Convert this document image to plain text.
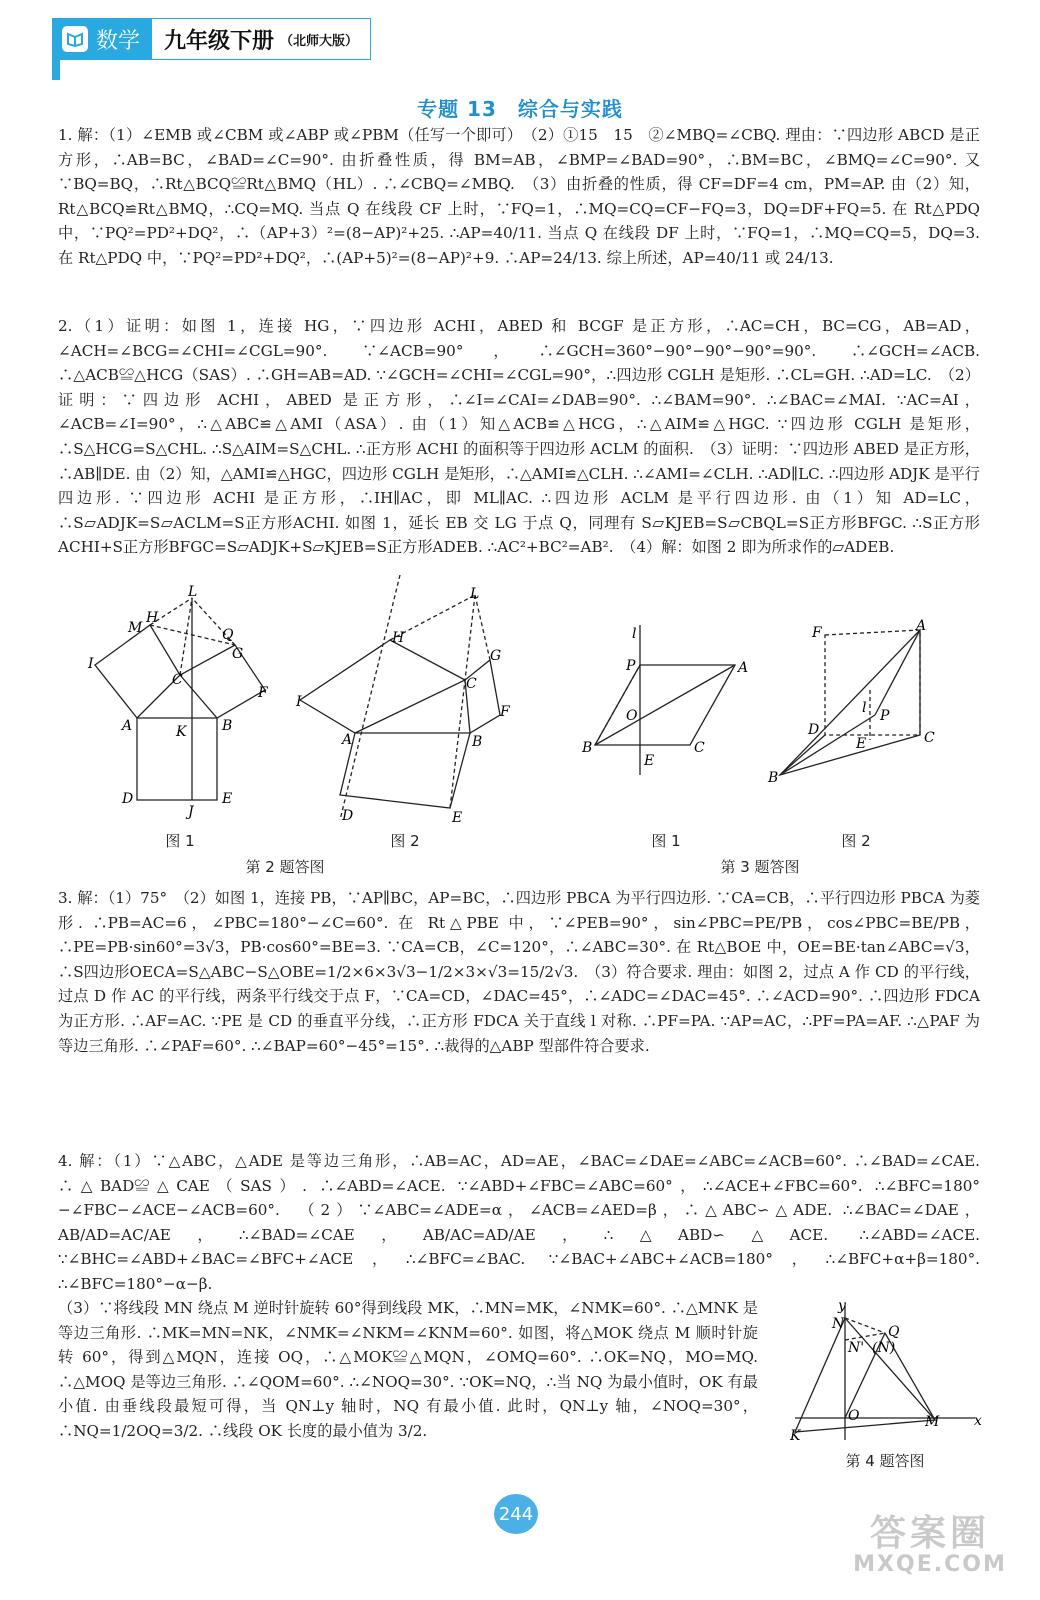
数学 九年级下册 （北师大版）
专题 13　综合与实践
1. 解：（1）∠EMB 或∠CBM 或∠ABP 或∠PBM（任写一个即可）　（2）①15　15　②∠MBQ=∠CBQ. 理由：∵四边形 ABCD 是正方形，∴AB=BC，∠BAD=∠C=90°. 由折叠性质，得 BM=AB，∠BMP=∠BAD=90°，∴BM=BC，∠BMQ=∠C=90°. 又∵BQ=BQ，∴Rt△BCQ≌Rt△BMQ（HL）. ∴∠CBQ=∠MBQ.　（3）由折叠的性质，得 CF=DF=4 cm，PM=AP. 由（2）知，Rt△BCQ≌Rt△BMQ，∴CQ=MQ. 当点 Q 在线段 CF 上时，∵FQ=1，∴MQ=CQ=CF−FQ=3，DQ=DF+FQ=5. 在 Rt△PDQ 中，∵PQ²=PD²+DQ²，∴（AP+3）²=(8−AP)²+25. ∴AP=40/11. 当点 Q 在线段 DF 上时，∵FQ=1，∴MQ=CQ=5，DQ=3. 在 Rt△PDQ 中，∵PQ²=PD²+DQ²，∴(AP+5)²=(8−AP)²+9. ∴AP=24/13. 综上所述，AP=40/11 或 24/13.
2.（1）证明：如图 1，连接 HG，∵四边形 ACHI，ABED 和 BCGF 是正方形，∴AC=CH，BC=CG，AB=AD，∠ACH=∠BCG=∠CHI=∠CGL=90°. ∵∠ACB=90°，∴∠GCH=360°−90°−90°−90°=90°. ∴∠GCH=∠ACB. ∴△ACB≌△HCG（SAS）. ∴GH=AB=AD. ∵∠GCH=∠CHI=∠CGL=90°，∴四边形 CGLH 是矩形. ∴CL=GH. ∴AD=LC.　（2）证明：∵四边形 ACHI，ABED 是正方形，∴∠I=∠CAI=∠DAB=90°. ∴∠BAM=90°. ∴∠BAC=∠MAI. ∵AC=AI，∠ACB=∠I=90°，∴△ABC≌△AMI（ASA）. 由（1）知△ACB≌△HCG，∴△AIM≌△HGC. ∵四边形 CGLH 是矩形，∴S△HCG=S△CHL. ∴S△AIM=S△CHL. ∴正方形 ACHI 的面积等于四边形 ACLM 的面积.　（3）证明：∵四边形 ABED 是正方形，∴AB∥DE. 由（2）知，△AMI≌△HGC，四边形 CGLH 是矩形，∴△AMI≌△CLH. ∴∠AMI=∠CLH. ∴AD∥LC. ∴四边形 ADJK 是平行四边形. ∵四边形 ACHI 是正方形，∴IH∥AC，即 ML∥AC. ∴四边形 ACLM 是平行四边形. 由（1）知 AD=LC，∴S▱ADJK=S▱ACLM=S正方形ACHI. 如图 1，延长 EB 交 LG 于点 Q，同理有 S▱KJEB=S▱CBQL=S正方形BFGC. ∴S正方形ACHI+S正方形BFGC=S▱ADJK+S▱KJEB=S正方形ADEB. ∴AC²+BC²=AB².　（4）解：如图 2 即为所求作的▱ADEB.
L
H
M	Q
G
I
C
F
A	B
K
D	E
J
图 1
L
H
G
C
I
F
A	B
D	E
图 2
第 2 题答图
l
P	A
O
B	C
E
图 1
F	A
l P
D
E	C
B
图 2
第 3 题答图
3. 解：（1）75°　（2）如图 1，连接 PB，∵AP∥BC，AP=BC，∴四边形 PBCA 为平行四边形. ∵CA=CB，∴平行四边形 PBCA 为菱形. ∴PB=AC=6，∠PBC=180°−∠C=60°. 在 Rt△PBE 中，∵∠PEB=90°，sin∠PBC=PE/PB，cos∠PBC=BE/PB，∴PE=PB·sin60°=3√3，PB·cos60°=BE=3. ∵CA=CB，∠C=120°，∴∠ABC=30°. 在 Rt△BOE 中，OE=BE·tan∠ABC=√3，∴S四边形OECA=S△ABC−S△OBE=1/2×6×3√3−1/2×3×√3=15/2√3.　（3）符合要求. 理由：如图 2，过点 A 作 CD 的平行线，过点 D 作 AC 的平行线，两条平行线交于点 F，∵CA=CD，∠DAC=45°，∴∠ADC=∠DAC=45°. ∴∠ACD=90°. ∴四边形 FDCA 为正方形. ∴AF=AC. ∵PE 是 CD 的垂直平分线，∴正方形 FDCA 关于直线 l 对称. ∴PF=PA. ∵AP=AC，∴PF=PA=AF. ∴△PAF 为等边三角形. ∴∠PAF=60°. ∴∠BAP=60°−45°=15°. ∴裁得的△ABP 型部件符合要求.
4. 解：（1）∵△ABC，△ADE 是等边三角形，∴AB=AC，AD=AE，∠BAC=∠DAE=∠ABC=∠ACB=60°. ∴∠BAD=∠CAE. ∴△BAD≌△CAE（SAS）. ∴∠ABD=∠ACE. ∵∠ABD+∠FBC=∠ABC=60°，∴∠ACE+∠FBC=60°. ∴∠BFC=180°−∠FBC−∠ACE−∠ACB=60°.　（2）∵∠ABC=∠ADE=α，∠ACB=∠AED=β，∴△ABC∽△ADE. ∴∠BAC=∠DAE，AB/AD=AC/AE，∴∠BAD=∠CAE，AB/AC=AD/AE，∴△ABD∽△ACE. ∴∠ABD=∠ACE. ∵∠BHC=∠ABD+∠BAC=∠BFC+∠ACE，∴∠BFC=∠BAC. ∵∠BAC+∠ABC+∠ACB=180°，∴∠BFC+α+β=180°. ∴∠BFC=180°−α−β.
（3）∵将线段 MN 绕点 M 逆时针旋转 60°得到线段 MK，∴MN=MK，∠NMK=60°. ∴△MNK 是等边三角形. ∴MK=MN=NK，∠NMK=∠NKM=∠KNM=60°. 如图，将△MOK 绕点 M 顺时针旋转 60°，得到△MQN，连接 OQ，∴△MOK≌△MQN，∠OMQ=60°. ∴OK=NQ，MO=MQ. ∴△MOQ 是等边三角形. ∴∠QOM=60°. ∴∠NOQ=30°. ∵OK=NQ，∴当 NQ 为最小值时，OK 有最小值. 由垂线段最短可得，当 QN⊥y 轴时，NQ 有最小值. 此时，QN⊥y 轴，∠NOQ=30°，∴NQ=1/2OQ=3/2. ∴线段 OK 长度的最小值为 3/2.
y
N	Q
N' (N)
O	x
M
K
第 4 题答图
244	答案圈
MXQE.COM
